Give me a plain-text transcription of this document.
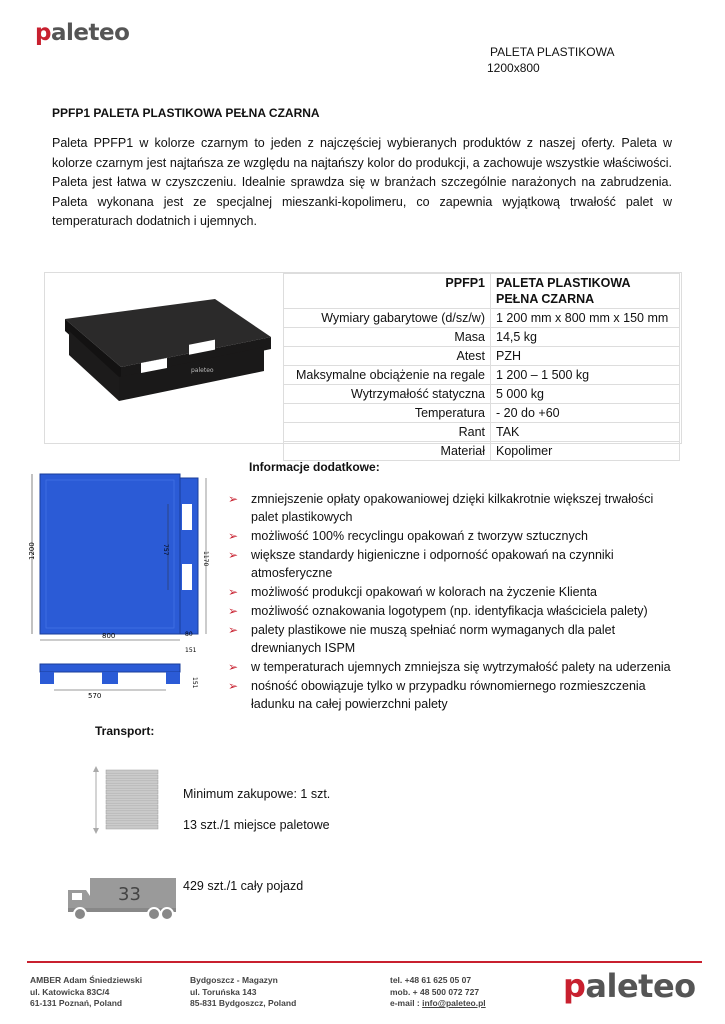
paleteo
PALETA PLASTIKOWA
1200x800
PPFP1 PALETA PLASTIKOWA PEŁNA CZARNA
Paleta PPFP1 w kolorze czarnym to jeden z najczęściej wybieranych produktów z naszej oferty. Paleta w kolorze czarnym jest najtańsza ze względu na najtańszy kolor do produkcji, a zachowuje wszystkie właściwości. Paleta jest łatwa w czyszczeniu. Idealnie sprawdza się w branżach szczególnie narażonych na zabrudzenia. Paleta wykonana jest ze specjalnej mieszanki-kopolimeru, co zapewnia wyjątkową trwałość palet w temperaturach dodatnich i ujemnych.
paleteo
PPFP1	PALETA PLASTIKOWA PEŁNA CZARNA
Wymiary gabarytowe (d/sz/w)	1 200 mm x 800 mm x 150 mm
Masa	14,5 kg
Atest	PZH
Maksymalne obciążenie na regale	1 200 – 1 500 kg
Wytrzymałość statyczna	5 000 kg
Temperatura	- 20 do +60
Rant	TAK
Materiał	Kopolimer
1200
800
757
1170
80
151
570
151
Informacje dodatkowe:
➢ zmniejszenie opłaty opakowaniowej dzięki kilkakrotnie większej trwałości palet plastikowych
➢ możliwość 100% recyclingu opakowań z tworzyw sztucznych
➢ większe standardy higieniczne i odporność opakowań na czynniki atmosferyczne
➢ możliwość produkcji opakowań w kolorach na życzenie Klienta
➢ możliwość oznakowania logotypem (np. identyfikacja właściciela palety)
➢ palety plastikowe nie muszą spełniać norm wymaganych dla palet drewnianych ISPM
➢ w temperaturach ujemnych zmniejsza się wytrzymałość palety na uderzenia
➢ nośność obowiązuje tylko w przypadku równomiernego rozmieszczenia ładunku na całej powierzchni palety
Transport:
Minimum zakupowe: 1 szt.
13 szt./1 miejsce paletowe
33	429 szt./1 cały pojazd
AMBER Adam Śniedziewski
ul. Katowicka 83C/4
61-131 Poznań, Poland
Bydgoszcz - Magazyn
ul. Toruńska 143
85-831 Bydgoszcz, Poland
tel. +48 61 625 05 07
mob. + 48 500 072 727
e-mail : info@paleteo.pl paleteo
